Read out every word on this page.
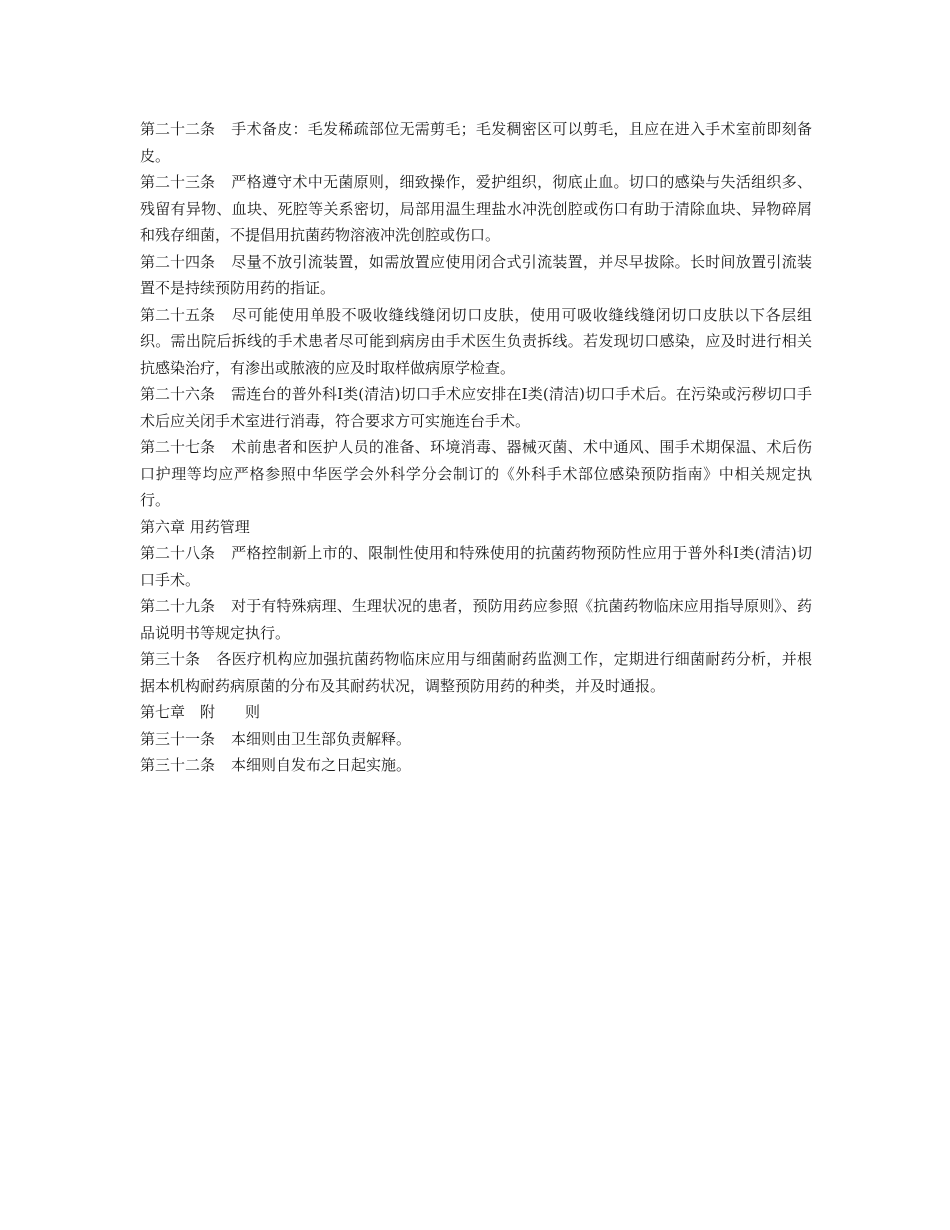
第二十二条 手术备皮：毛发稀疏部位无需剪毛；毛发稠密区可以剪毛，且应在进入手术室前即刻备皮。

第二十三条 严格遵守术中无菌原则，细致操作，爱护组织，彻底止血。切口的感染与失活组织多、残留有异物、血块、死腔等关系密切，局部用温生理盐水冲洗创腔或伤口有助于清除血块、异物碎屑和残存细菌，不提倡用抗菌药物溶液冲洗创腔或伤口。

第二十四条 尽量不放引流装置，如需放置应使用闭合式引流装置，并尽早拔除。长时间放置引流装置不是持续预防用药的指证。

第二十五条 尽可能使用单股不吸收缝线缝闭切口皮肤，使用可吸收缝线缝闭切口皮肤以下各层组织。需出院后拆线的手术患者尽可能到病房由手术医生负责拆线。若发现切口感染，应及时进行相关抗感染治疗，有渗出或脓液的应及时取样做病原学检查。

第二十六条 需连台的普外科Ⅰ类(清洁)切口手术应安排在Ⅰ类(清洁)切口手术后。在污染或污秽切口手术后应关闭手术室进行消毒，符合要求方可实施连台手术。

第二十七条 术前患者和医护人员的准备、环境消毒、器械灭菌、术中通风、围手术期保温、术后伤口护理等均应严格参照中华医学会外科学分会制订的《外科手术部位感染预防指南》中相关规定执行。

第六章 用药管理

第二十八条 严格控制新上市的、限制性使用和特殊使用的抗菌药物预防性应用于普外科Ⅰ类(清洁)切口手术。

第二十九条 对于有特殊病理、生理状况的患者，预防用药应参照《抗菌药物临床应用指导原则》、药品说明书等规定执行。

第三十条 各医疗机构应加强抗菌药物临床应用与细菌耐药监测工作，定期进行细菌耐药分析，并根据本机构耐药病原菌的分布及其耐药状况，调整预防用药的种类，并及时通报。

第七章　附　　则

第三十一条 本细则由卫生部负责解释。

第三十二条 本细则自发布之日起实施。
